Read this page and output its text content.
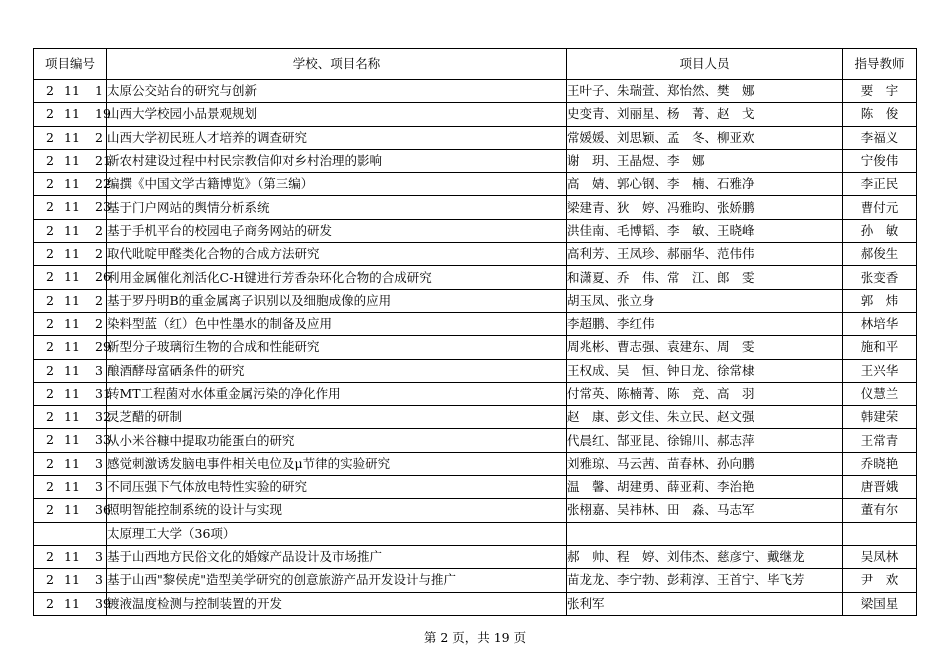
项目编号	学校、项目名称	项目人员	指导教师

2 11 1	太原公交站台的研究与创新	王叶子、朱瑞萱、郑怡然、樊　娜	要　宇

2 11 19	山西大学校园小品景观规划	史变青、刘丽星、杨　菁、赵　戈	陈　俊

2 11 2	山西大学初民班人才培养的调查研究	常媛媛、刘思颖、孟　冬、柳亚欢	李福义

2 11 21	新农村建设过程中村民宗教信仰对乡村治理的影响	谢　玥、王晶煜、李　娜	宁俊伟

2 11 22	编撰《中国文学古籍博览》（第三编）	高　婧、郭心钢、李　楠、石雅净	李正民

2 11 23	基于门户网站的舆情分析系统	梁建青、狄　婷、冯雅昀、张娇鹏	曹付元

2 11 2	基于手机平台的校园电子商务网站的研发	洪佳南、毛博韬、李　敏、王晓峰	孙　敏

2 11 2	取代吡啶甲醛类化合物的合成方法研究	高利芳、王凤珍、郝丽华、范伟伟	郝俊生

2 11 26	利用金属催化剂活化C-H键进行芳香杂环化合物的合成研究	和潇夏、乔　伟、常　江、郎　雯	张变香

2 11 2	基于罗丹明B的重金属离子识别以及细胞成像的应用	胡玉凤、张立身	郭　炜

2 11 2	染料型蓝（红）色中性墨水的制备及应用	李超鹏、李红伟	林培华

2 11 29	新型分子玻璃衍生物的合成和性能研究	周兆彬、曹志强、袁建东、周　雯	施和平

2 11 3	酿酒酵母富硒条件的研究	王权成、吴　恒、钟日龙、徐常棣	王兴华

2 11 31	转MT工程菌对水体重金属污染的净化作用	付常英、陈楠菁、陈　竞、高　羽	仪慧兰

2 11 32	灵芝醋的研制	赵　康、彭文佳、朱立民、赵文强	韩建荣

2 11 33	从小米谷糠中提取功能蛋白的研究	代晨红、郜亚昆、徐锦川、郝志萍	王常青

2 11 3	感觉刺激诱发脑电事件相关电位及μ节律的实验研究	刘雅琼、马云茜、苗春林、孙向鹏	乔晓艳

2 11 3	不同压强下气体放电特性实验的研究	温　馨、胡建勇、薛亚莉、李治艳	唐晋娥

2 11 36	照明智能控制系统的设计与实现	张栩嘉、吴祎林、田　淼、马志军	董有尔
	太原理工大学（36项）		

2 11 3	基于山西地方民俗文化的婚嫁产品设计及市场推广	郝　帅、程　婷、刘伟杰、慈彦宁、戴继龙	吴凤林

2 11 3	基于山西"黎侯虎"造型美学研究的创意旅游产品开发设计与推广	苗龙龙、李宁勃、彭莉淳、王首宁、毕飞芳	尹　欢

2 11 39	镀液温度检测与控制装置的开发	张利军	梁国星
第 2 页，共 19 页
